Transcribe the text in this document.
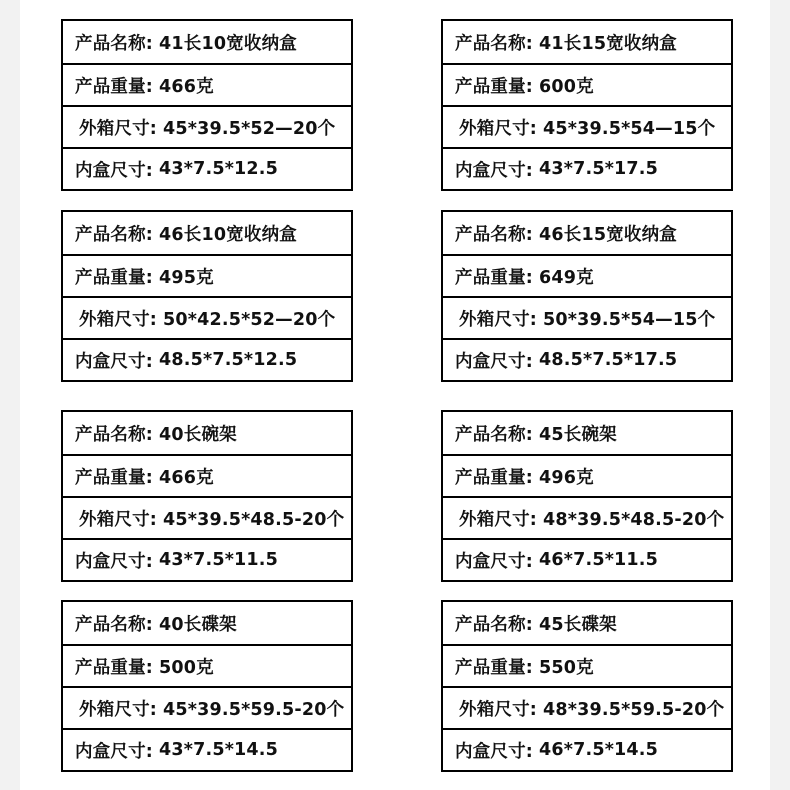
产品名称: 41长10宽收纳盒
产品重量: 466克
外箱尺寸: 45*39.5*52—20个
内盒尺寸: 43*7.5*12.5
产品名称: 41长15宽收纳盒
产品重量: 600克
外箱尺寸: 45*39.5*54—15个
内盒尺寸: 43*7.5*17.5
产品名称: 46长10宽收纳盒
产品重量: 495克
外箱尺寸: 50*42.5*52—20个
内盒尺寸: 48.5*7.5*12.5
产品名称: 46长15宽收纳盒
产品重量: 649克
外箱尺寸: 50*39.5*54—15个
内盒尺寸: 48.5*7.5*17.5
产品名称: 40长碗架
产品重量: 466克
外箱尺寸: 45*39.5*48.5-20个
内盒尺寸: 43*7.5*11.5
产品名称: 45长碗架
产品重量: 496克
外箱尺寸: 48*39.5*48.5-20个
内盒尺寸: 46*7.5*11.5
产品名称: 40长碟架
产品重量: 500克
外箱尺寸: 45*39.5*59.5-20个
内盒尺寸: 43*7.5*14.5
产品名称: 45长碟架
产品重量: 550克
外箱尺寸: 48*39.5*59.5-20个
内盒尺寸: 46*7.5*14.5
